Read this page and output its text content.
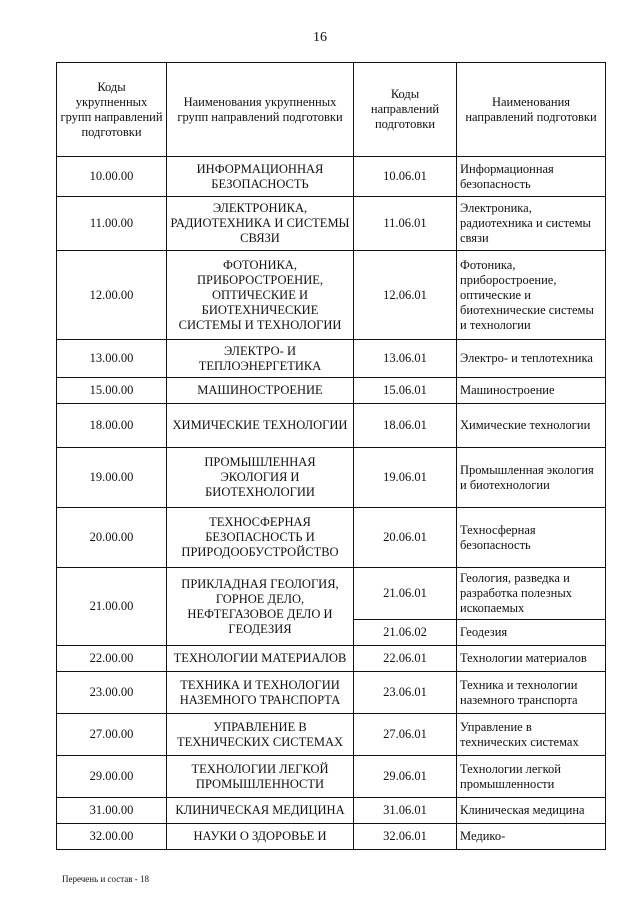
16
Коды укрупненных групп направлений подготовки	Наименования укрупненных групп направлений подготовки	Коды направлений подготовки	Наименования направлений подготовки
10.00.00	ИНФОРМАЦИОННАЯ БЕЗОПАСНОСТЬ	10.06.01	Информационная безопасность
11.00.00	ЭЛЕКТРОНИКА, РАДИОТЕХНИКА И СИСТЕМЫ СВЯЗИ	11.06.01	Электроника, радиотехника и системы связи
12.00.00	ФОТОНИКА, ПРИБОРОСТРОЕНИЕ, ОПТИЧЕСКИЕ И БИОТЕХНИЧЕСКИЕ СИСТЕМЫ И ТЕХНОЛОГИИ	12.06.01	Фотоника, приборостроение, оптические и биотехнические системы и технологии
13.00.00	ЭЛЕКТРО- И ТЕПЛОЭНЕРГЕТИКА	13.06.01	Электро- и теплотехника
15.00.00	МАШИНОСТРОЕНИЕ	15.06.01	Машиностроение
18.00.00	ХИМИЧЕСКИЕ ТЕХНОЛОГИИ	18.06.01	Химические технологии
19.00.00	ПРОМЫШЛЕННАЯ ЭКОЛОГИЯ И БИОТЕХНОЛОГИИ	19.06.01	Промышленная экология и биотехнологии
20.00.00	ТЕХНОСФЕРНАЯ БЕЗОПАСНОСТЬ И ПРИРОДООБУСТРОЙСТВО	20.06.01	Техносферная безопасность
21.00.00	ПРИКЛАДНАЯ ГЕОЛОГИЯ, ГОРНОЕ ДЕЛО, НЕФТЕГАЗОВОЕ ДЕЛО И ГЕОДЕЗИЯ	21.06.01	Геология, разведка и разработка полезных ископаемых
		21.06.02	Геодезия
22.00.00	ТЕХНОЛОГИИ МАТЕРИАЛОВ	22.06.01	Технологии материалов
23.00.00	ТЕХНИКА И ТЕХНОЛОГИИ НАЗЕМНОГО ТРАНСПОРТА	23.06.01	Техника и технологии наземного транспорта
27.00.00	УПРАВЛЕНИЕ В ТЕХНИЧЕСКИХ СИСТЕМАХ	27.06.01	Управление в технических системах
29.00.00	ТЕХНОЛОГИИ ЛЕГКОЙ ПРОМЫШЛЕННОСТИ	29.06.01	Технологии легкой промышленности
31.00.00	КЛИНИЧЕСКАЯ МЕДИЦИНА	31.06.01	Клиническая медицина
32.00.00	НАУКИ О ЗДОРОВЬЕ И	32.06.01	Медико-
Перечень и состав - 18
